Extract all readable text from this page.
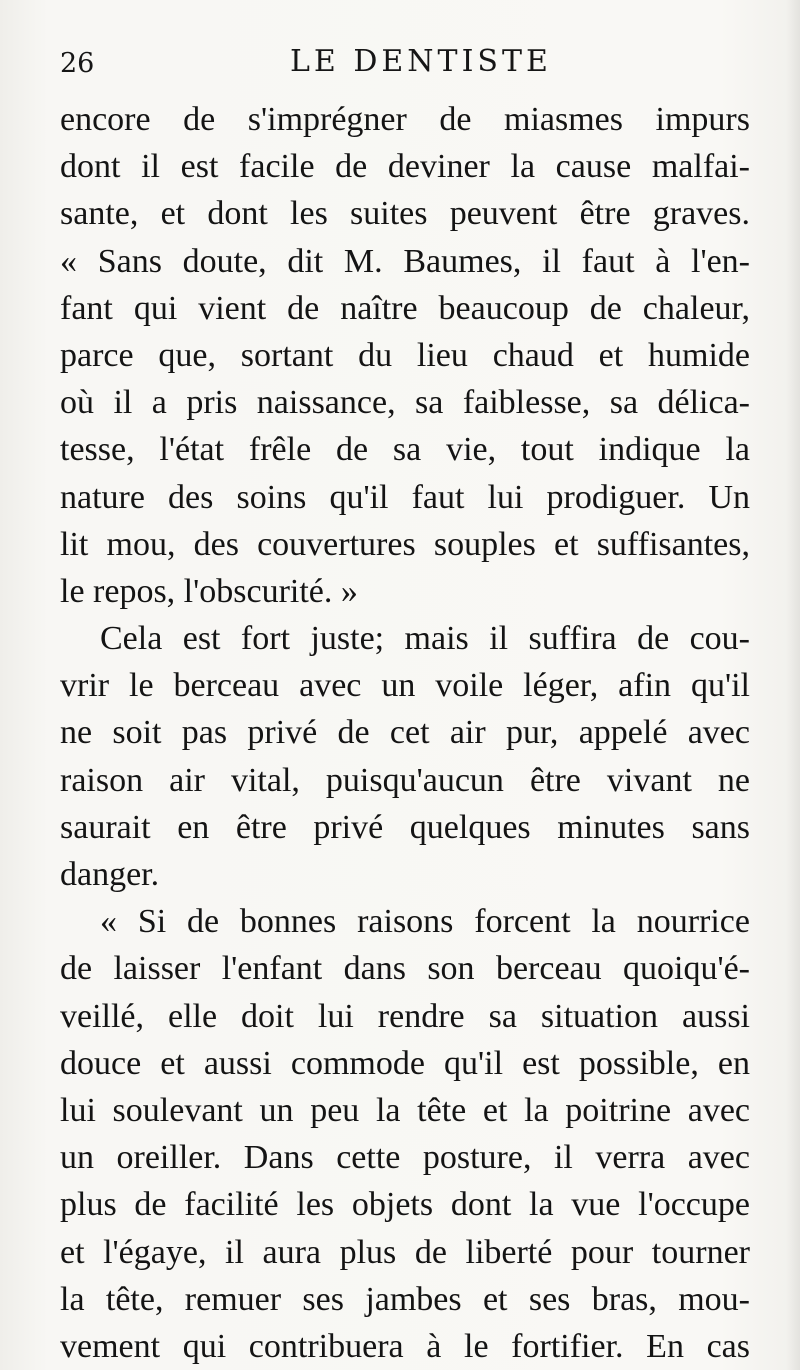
26	LE DENTISTE
encore de s'imprégner de miasmes impurs
dont il est facile de deviner la cause malfai-
sante, et dont les suites peuvent être graves.
« Sans doute, dit M. Baumes, il faut à l'en-
fant qui vient de naître beaucoup de chaleur,
parce que, sortant du lieu chaud et humide
où il a pris naissance, sa faiblesse, sa délica-
tesse, l'état frêle de sa vie, tout indique la
nature des soins qu'il faut lui prodiguer. Un
lit mou, des couvertures souples et suffisantes,
le repos, l'obscurité. »
Cela est fort juste; mais il suffira de cou-
vrir le berceau avec un voile léger, afin qu'il
ne soit pas privé de cet air pur, appelé avec
raison air vital, puisqu'aucun être vivant ne
saurait en être privé quelques minutes sans
danger.
« Si de bonnes raisons forcent la nourrice
de laisser l'enfant dans son berceau quoiqu'é-
veillé, elle doit lui rendre sa situation aussi
douce et aussi commode qu'il est possible, en
lui soulevant un peu la tête et la poitrine avec
un oreiller. Dans cette posture, il verra avec
plus de facilité les objets dont la vue l'occupe
et l'égaye, il aura plus de liberté pour tourner
la tête, remuer ses jambes et ses bras, mou-
vement qui contribuera à le fortifier. En cas
